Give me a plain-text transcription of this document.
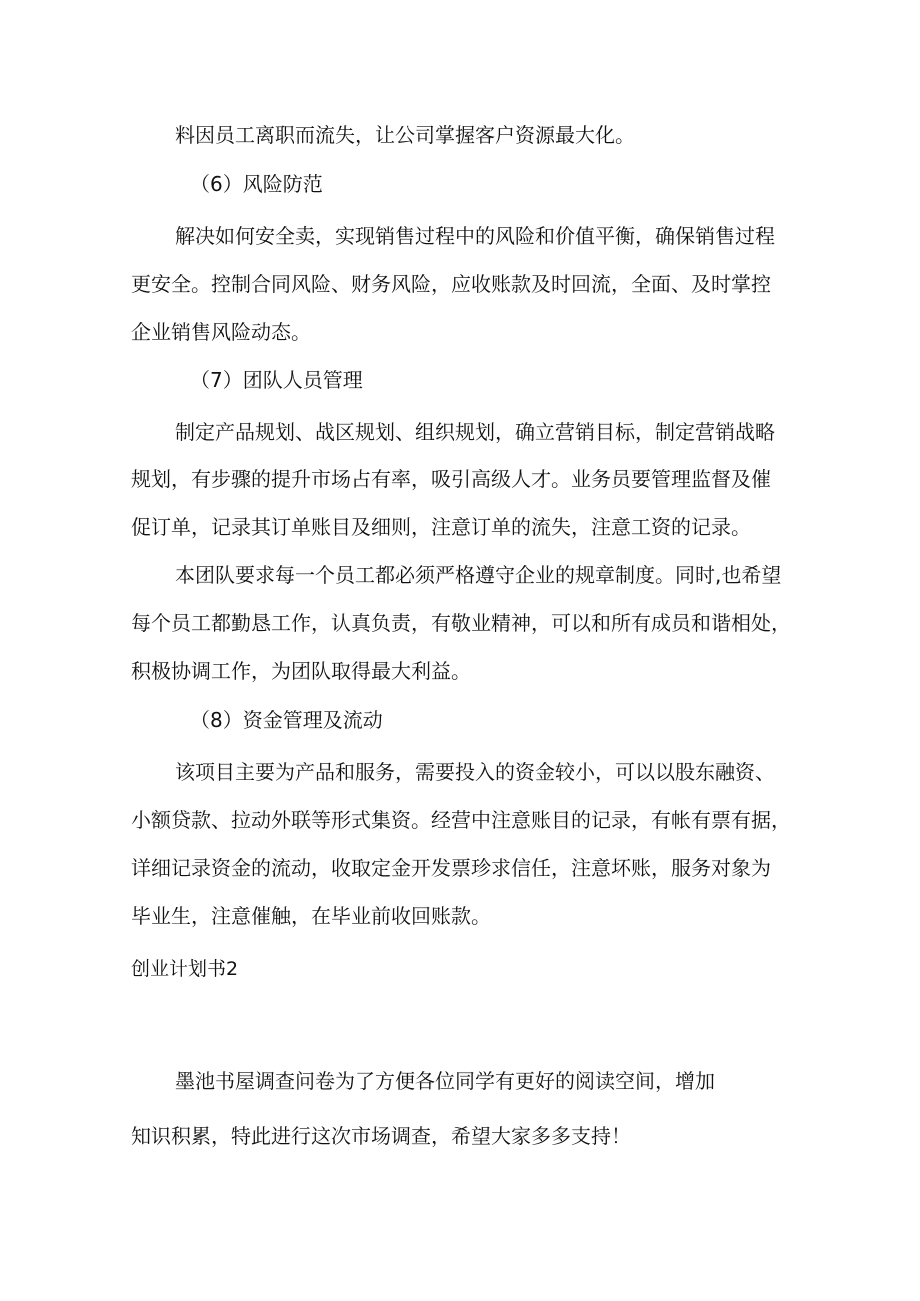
料因员工离职而流失，让公司掌握客户资源最大化。
（6）风险防范
解决如何安全卖，实现销售过程中的风险和价值平衡，确保销售过程
更安全。控制合同风险、财务风险，应收账款及时回流，全面、及时掌控
企业销售风险动态。
（7）团队人员管理
制定产品规划、战区规划、组织规划，确立营销目标，制定营销战略
规划，有步骤的提升市场占有率，吸引高级人才。业务员要管理监督及催
促订单，记录其订单账目及细则，注意订单的流失，注意工资的记录。
本团队要求每一个员工都必须严格遵守企业的规章制度。同时,也希望
每个员工都勤恳工作，认真负责，有敬业精神，可以和所有成员和谐相处，
积极协调工作，为团队取得最大利益。
（8）资金管理及流动
该项目主要为产品和服务，需要投入的资金较小，可以以股东融资、
小额贷款、拉动外联等形式集资。经营中注意账目的记录，有帐有票有据，
详细记录资金的流动，收取定金开发票珍求信任，注意坏账，服务对象为
毕业生，注意催触，在毕业前收回账款。
创业计划书2
墨池书屋调查问卷为了方便各位同学有更好的阅读空间，增加
知识积累，特此进行这次市场调查，希望大家多多支持！
